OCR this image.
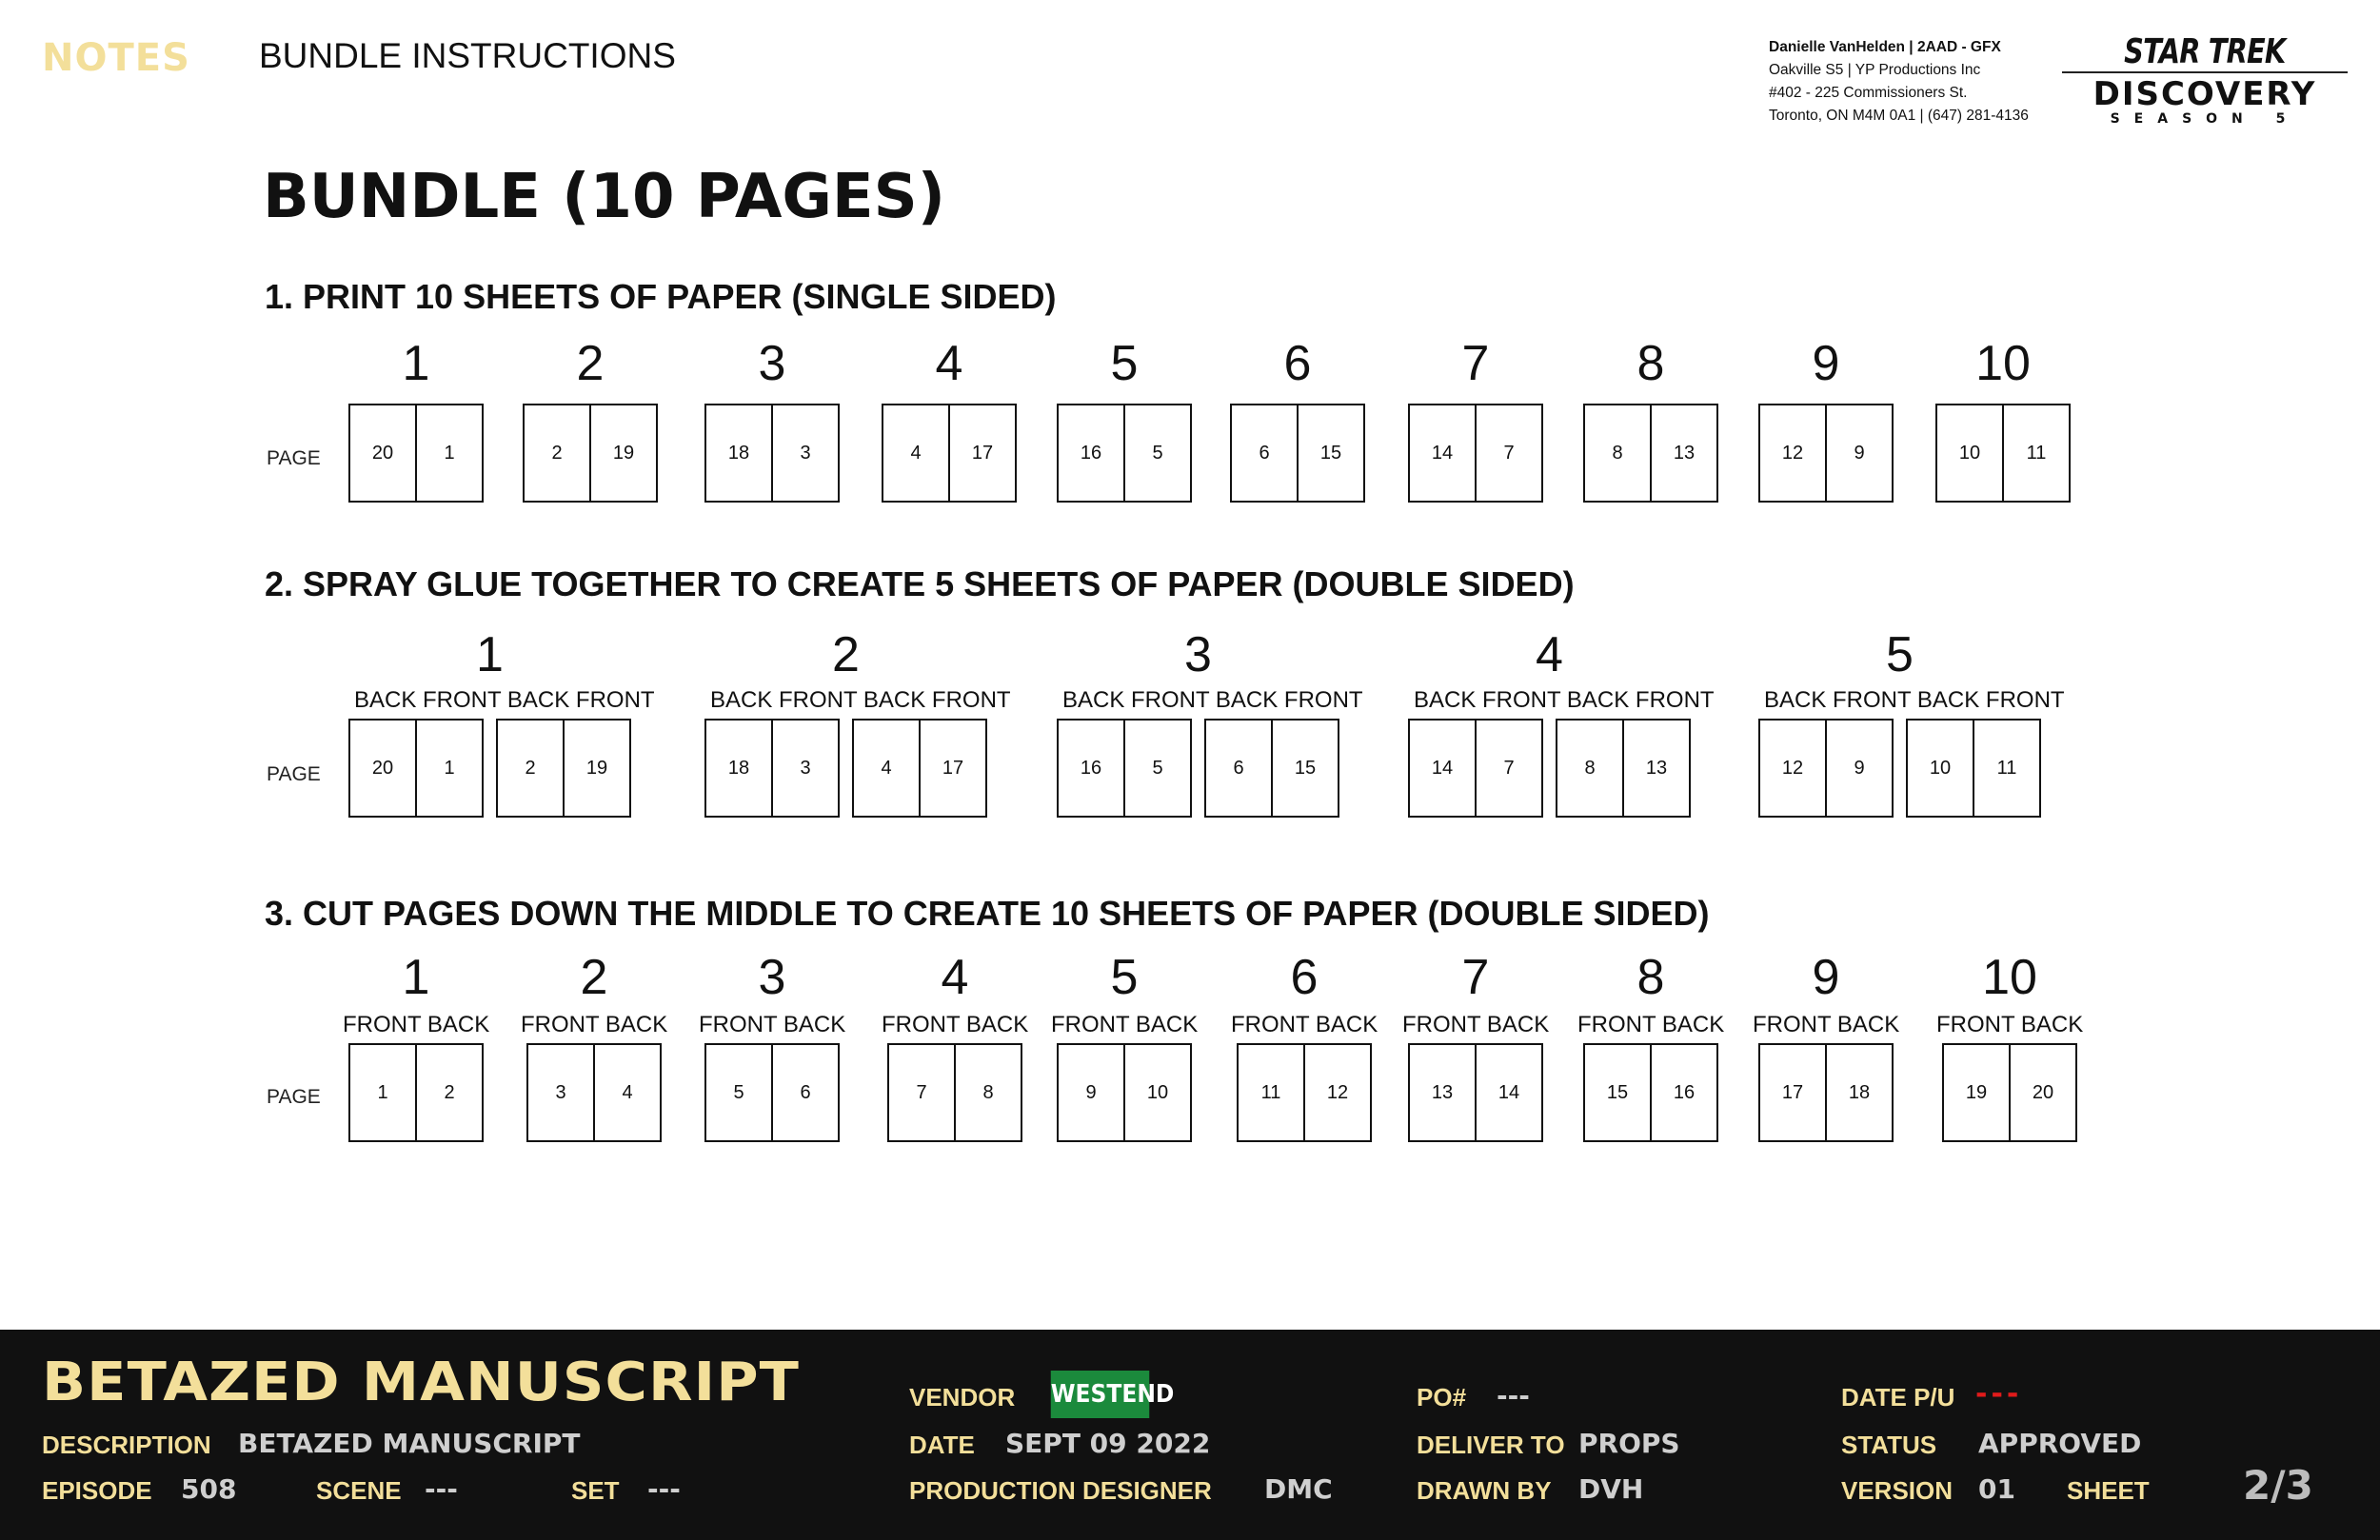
NOTES BUNDLE INSTRUCTIONS	Danielle VanHelden | 2AAD - GFX
Oakville S5 | YP Productions Inc
#402 - 225 Commissioners St.
Toronto, ON M4M 0A1 | (647) 281-4136
STAR TREK
DISCOVERY
SEASON 5
BUNDLE (10 PAGES)
1. PRINT 10 SHEETS OF PAPER (SINGLE SIDED)
PAGE
1
20	1
2
2	19
3
18	3
4
4	17
5
16	5
6
6	15
7
14	7
8
8	13
9
12	9
10
10	11
2. SPRAY GLUE TOGETHER TO CREATE 5 SHEETS OF PAPER (DOUBLE SIDED)
PAGE
1
BACK FRONT BACK FRONT
20	1	2	19
2
BACK FRONT BACK FRONT
18	3	4	17
3
BACK FRONT BACK FRONT
16	5	6	15
4
BACK FRONT BACK FRONT
14	7	8	13
5
BACK FRONT BACK FRONT
12	9	10	11
3. CUT PAGES DOWN THE MIDDLE TO CREATE 10 SHEETS OF PAPER (DOUBLE SIDED)
PAGE
1
FRONT BACK
1	2
2
FRONT BACK
3	4
3
FRONT BACK
5	6
4
FRONT BACK
7	8
5
FRONT BACK
9	10
6
FRONT BACK
11	12
7
FRONT BACK
13	14
8
FRONT BACK
15	16
9
FRONT BACK
17	18
10
FRONT BACK
19	20
BETAZED MANUSCRIPT
DESCRIPTION BETAZED MANUSCRIPT
EPISODE 508	SCENE ---	SET ---
VENDOR WESTEND
DATE SEPT 09 2022
PRODUCTION DESIGNER DMC
PO# ---
DELIVER TO PROPS
DRAWN BY DVH
DATE P/U ---
STATUS APPROVED
VERSION 01 SHEET 2/3
